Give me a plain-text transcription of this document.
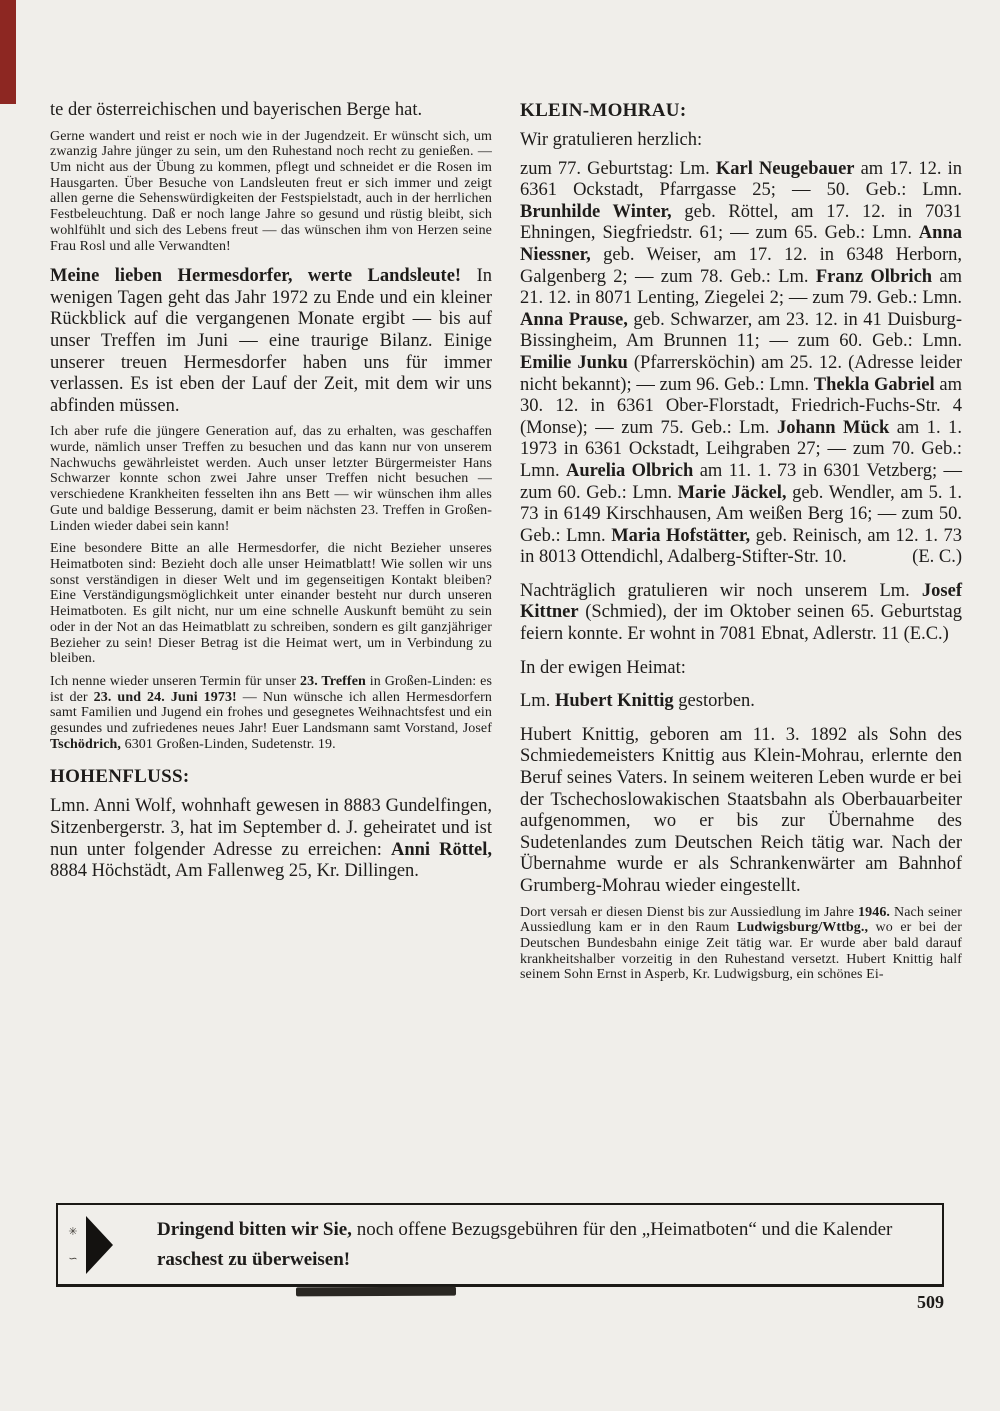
te der österreichischen und bayerischen Berge hat.

Gerne wandert und reist er noch wie in der Jugendzeit. Er wünscht sich, um zwanzig Jahre jünger zu sein, um den Ruhestand noch recht zu genießen. — Um nicht aus der Übung zu kommen, pflegt und schneidet er die Rosen im Hausgarten. Über Besuche von Landsleuten freut er sich immer und zeigt allen gerne die Sehenswürdigkeiten der Festspielstadt, auch in der herrlichen Festbeleuchtung. Daß er noch lange Jahre so gesund und rüstig bleibt, sich wohlfühlt und sich des Lebens freut — das wünschen ihm von Herzen seine Frau Rosl und alle Verwandten!

Meine lieben Hermesdorfer, werte Landsleute! In wenigen Tagen geht das Jahr 1972 zu Ende und ein kleiner Rückblick auf die vergangenen Monate ergibt — bis auf unser Treffen im Juni — eine traurige Bilanz. Einige unserer treuen Hermesdorfer haben uns für immer verlassen. Es ist eben der Lauf der Zeit, mit dem wir uns abfinden müssen.

Ich aber rufe die jüngere Generation auf, das zu erhalten, was geschaffen wurde, nämlich unser Treffen zu besuchen und das kann nur von unserem Nachwuchs gewährleistet werden. Auch unser letzter Bürgermeister Hans Schwarzer konnte schon zwei Jahre unser Treffen nicht besuchen — verschiedene Krankheiten fesselten ihn ans Bett — wir wünschen ihm alles Gute und baldige Besserung, damit er beim nächsten 23. Treffen in Großen-Linden wieder dabei sein kann!

Eine besondere Bitte an alle Hermesdorfer, die nicht Bezieher unseres Heimatboten sind: Bezieht doch alle unser Heimatblatt! Wie sollen wir uns sonst verständigen in dieser Welt und im gegenseitigen Kontakt bleiben? Eine Verständigungsmöglichkeit unter einander besteht nur durch unseren Heimatboten. Es gilt nicht, nur um eine schnelle Auskunft bemüht zu sein oder in der Not an das Heimatblatt zu schreiben, sondern es gilt ganzjähriger Bezieher zu sein! Dieser Betrag ist die Heimat wert, um in Verbindung zu bleiben.

Ich nenne wieder unseren Termin für unser 23. Treffen in Großen-Linden: es ist der 23. und 24. Juni 1973! — Nun wünsche ich allen Hermesdorfern samt Familien und Jugend ein frohes und gesegnetes Weihnachtsfest und ein gesundes und zufriedenes neues Jahr! Euer Landsmann samt Vorstand, Josef Tschödrich, 6301 Großen-Linden, Sudetenstr. 19.

HOHENFLUSS:

Lmn. Anni Wolf, wohnhaft gewesen in 8883 Gundelfingen, Sitzenbergerstr. 3, hat im September d. J. geheiratet und ist nun unter folgender Adresse zu erreichen: Anni Röttel, 8884 Höchstädt, Am Fallenweg 25, Kr. Dillingen.

KLEIN-MOHRAU:

Wir gratulieren herzlich:

zum 77. Geburtstag: Lm. Karl Neugebauer am 17. 12. in 6361 Ockstadt, Pfarrgasse 25; — 50. Geb.: Lmn. Brunhilde Winter, geb. Röttel, am 17. 12. in 7031 Ehningen, Siegfriedstr. 61; — zum 65. Geb.: Lmn. Anna Niessner, geb. Weiser, am 17. 12. in 6348 Herborn, Galgenberg 2; — zum 78. Geb.: Lm. Franz Olbrich am 21. 12. in 8071 Lenting, Ziegelei 2; — zum 79. Geb.: Lmn. Anna Prause, geb. Schwarzer, am 23. 12. in 41 Duisburg-Bissingheim, Am Brunnen 11; — zum 60. Geb.: Lmn. Emilie Junku (Pfarrersköchin) am 25. 12. (Adresse leider nicht bekannt); — zum 96. Geb.: Lmn. Thekla Gabriel am 30. 12. in 6361 Ober-Florstadt, Friedrich-Fuchs-Str. 4 (Monse); — zum 75. Geb.: Lm. Johann Mück am 1. 1. 1973 in 6361 Ockstadt, Leihgraben 27; — zum 70. Geb.: Lmn. Aurelia Olbrich am 11. 1. 73 in 6301 Vetzberg; — zum 60. Geb.: Lmn. Marie Jäckel, geb. Wendler, am 5. 1. 73 in 6149 Kirschhausen, Am weißen Berg 16; — zum 50. Geb.: Lmn. Maria Hofstätter, geb. Reinisch, am 12. 1. 73 in 8013 Ottendichl, Adalberg-Stifter-Str. 10.	(E. C.)

Nachträglich gratulieren wir noch unserem Lm. Josef Kittner (Schmied), der im Oktober seinen 65. Geburtstag feiern konnte. Er wohnt in 7081 Ebnat, Adlerstr. 11 (E.C.)

In der ewigen Heimat:

Lm. Hubert Knittig gestorben.

Hubert Knittig, geboren am 11. 3. 1892 als Sohn des Schmiedemeisters Knittig aus Klein-Mohrau, erlernte den Beruf seines Vaters. In seinem weiteren Leben wurde er bei der Tschechoslowakischen Staatsbahn als Oberbauarbeiter aufgenommen, wo er bis zur Übernahme des Sudetenlandes zum Deutschen Reich tätig war. Nach der Übernahme wurde er als Schrankenwärter am Bahnhof Grumberg-Mohrau wieder eingestellt.

Dort versah er diesen Dienst bis zur Aussiedlung im Jahre 1946. Nach seiner Aussiedlung kam er in den Raum Ludwigsburg/Wttbg., wo er bei der Deutschen Bundesbahn einige Zeit tätig war. Er wurde aber bald darauf krankheitshalber vorzeitig in den Ruhestand versetzt. Hubert Knittig half seinem Sohn Ernst in Asperb, Kr. Ludwigsburg, ein schönes Ei-

✳
∽

Dringend bitten wir Sie, noch offene Bezugsgebühren für den „Heimatboten“ und die Kalender raschest zu überweisen!

509
